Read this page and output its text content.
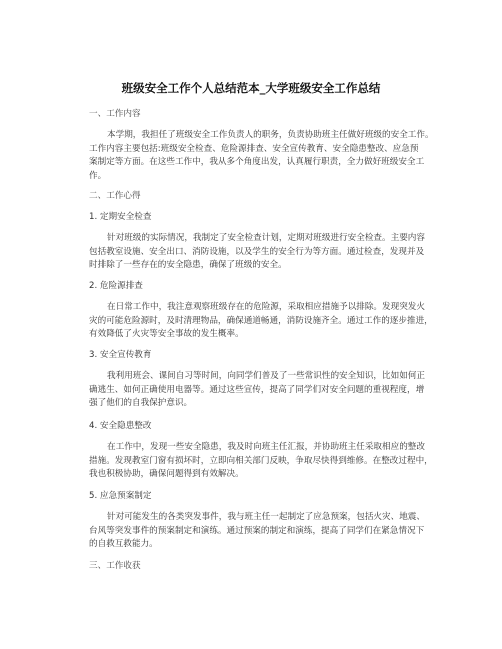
班级安全工作个人总结范本_大学班级安全工作总结
一、工作内容

本学期，我担任了班级安全工作负责人的职务，负责协助班主任做好班级的安全工作。
工作内容主要包括:班级安全检查、危险源排查、安全宣传教育、安全隐患整改、应急预
案制定等方面。在这些工作中，我从多个角度出发，认真履行职责，全力做好班级安全工
作。

二、工作心得
1. 定期安全检查

针对班级的实际情况，我制定了安全检查计划，定期对班级进行安全检查。主要内容
包括教室设施、安全出口、消防设施，以及学生的安全行为等方面。通过检查，发现并及
时排除了一些存在的安全隐患，确保了班级的安全。

2. 危险源排查

在日常工作中，我注意观察班级存在的危险源，采取相应措施予以排除。发现突发火
灾的可能危险源时，及时清理物品，确保通道畅通，消防设施齐全。通过工作的逐步推进，
有效降低了火灾等安全事故的发生概率。

3. 安全宣传教育

我利用班会、课间自习等时间，向同学们普及了一些常识性的安全知识，比如如何正
确逃生、如何正确使用电器等。通过这些宣传，提高了同学们对安全问题的重视程度，增
强了他们的自我保护意识。

4. 安全隐患整改

在工作中，发现一些安全隐患，我及时向班主任汇报，并协助班主任采取相应的整改
措施。发现教室门窗有损坏时，立即向相关部门反映，争取尽快得到维修。在整改过程中，
我也积极协助，确保问题得到有效解决。

5. 应急预案制定

针对可能发生的各类突发事件，我与班主任一起制定了应急预案，包括火灾、地震、
台风等突发事件的预案制定和演练。通过预案的制定和演练，提高了同学们在紧急情况下
的自救互救能力。

三、工作收获
